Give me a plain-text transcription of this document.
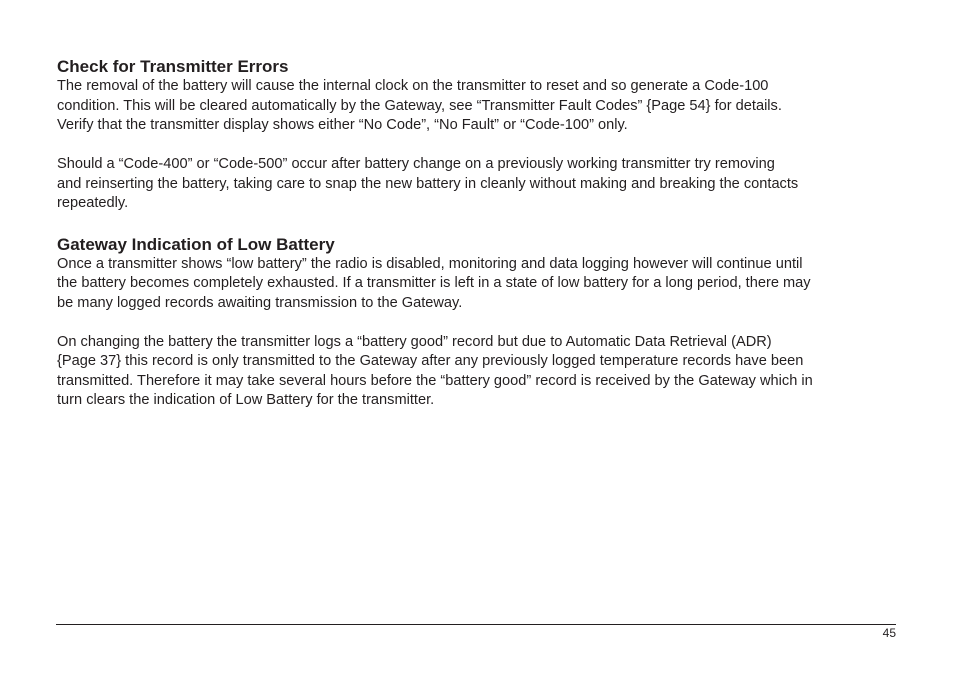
Check for Transmitter Errors
The removal of the battery will cause the internal clock on the transmitter to reset and so generate a Code-100
condition. This will be cleared automatically by the Gateway, see “Transmitter Fault Codes” {Page 54} for details.
Verify that the transmitter display shows either “No Code”, “No Fault” or “Code-100” only.
Should a “Code-400” or “Code-500” occur after battery change on a previously working transmitter try removing
and reinserting the battery, taking care to snap the new battery in cleanly without making and breaking the contacts
repeatedly.
Gateway Indication of Low Battery
Once a transmitter shows “low battery” the radio is disabled, monitoring and data logging however will continue until
the battery becomes completely exhausted. If a transmitter is left in a state of low battery for a long period, there may
be many logged records awaiting transmission to the Gateway.
On changing the battery the transmitter logs a “battery good” record but due to Automatic Data Retrieval (ADR)
{Page 37} this record is only transmitted to the Gateway after any previously logged temperature records have been
transmitted. Therefore it may take several hours before the “battery good” record is received by the Gateway which in
turn clears the indication of Low Battery for the transmitter.
45
